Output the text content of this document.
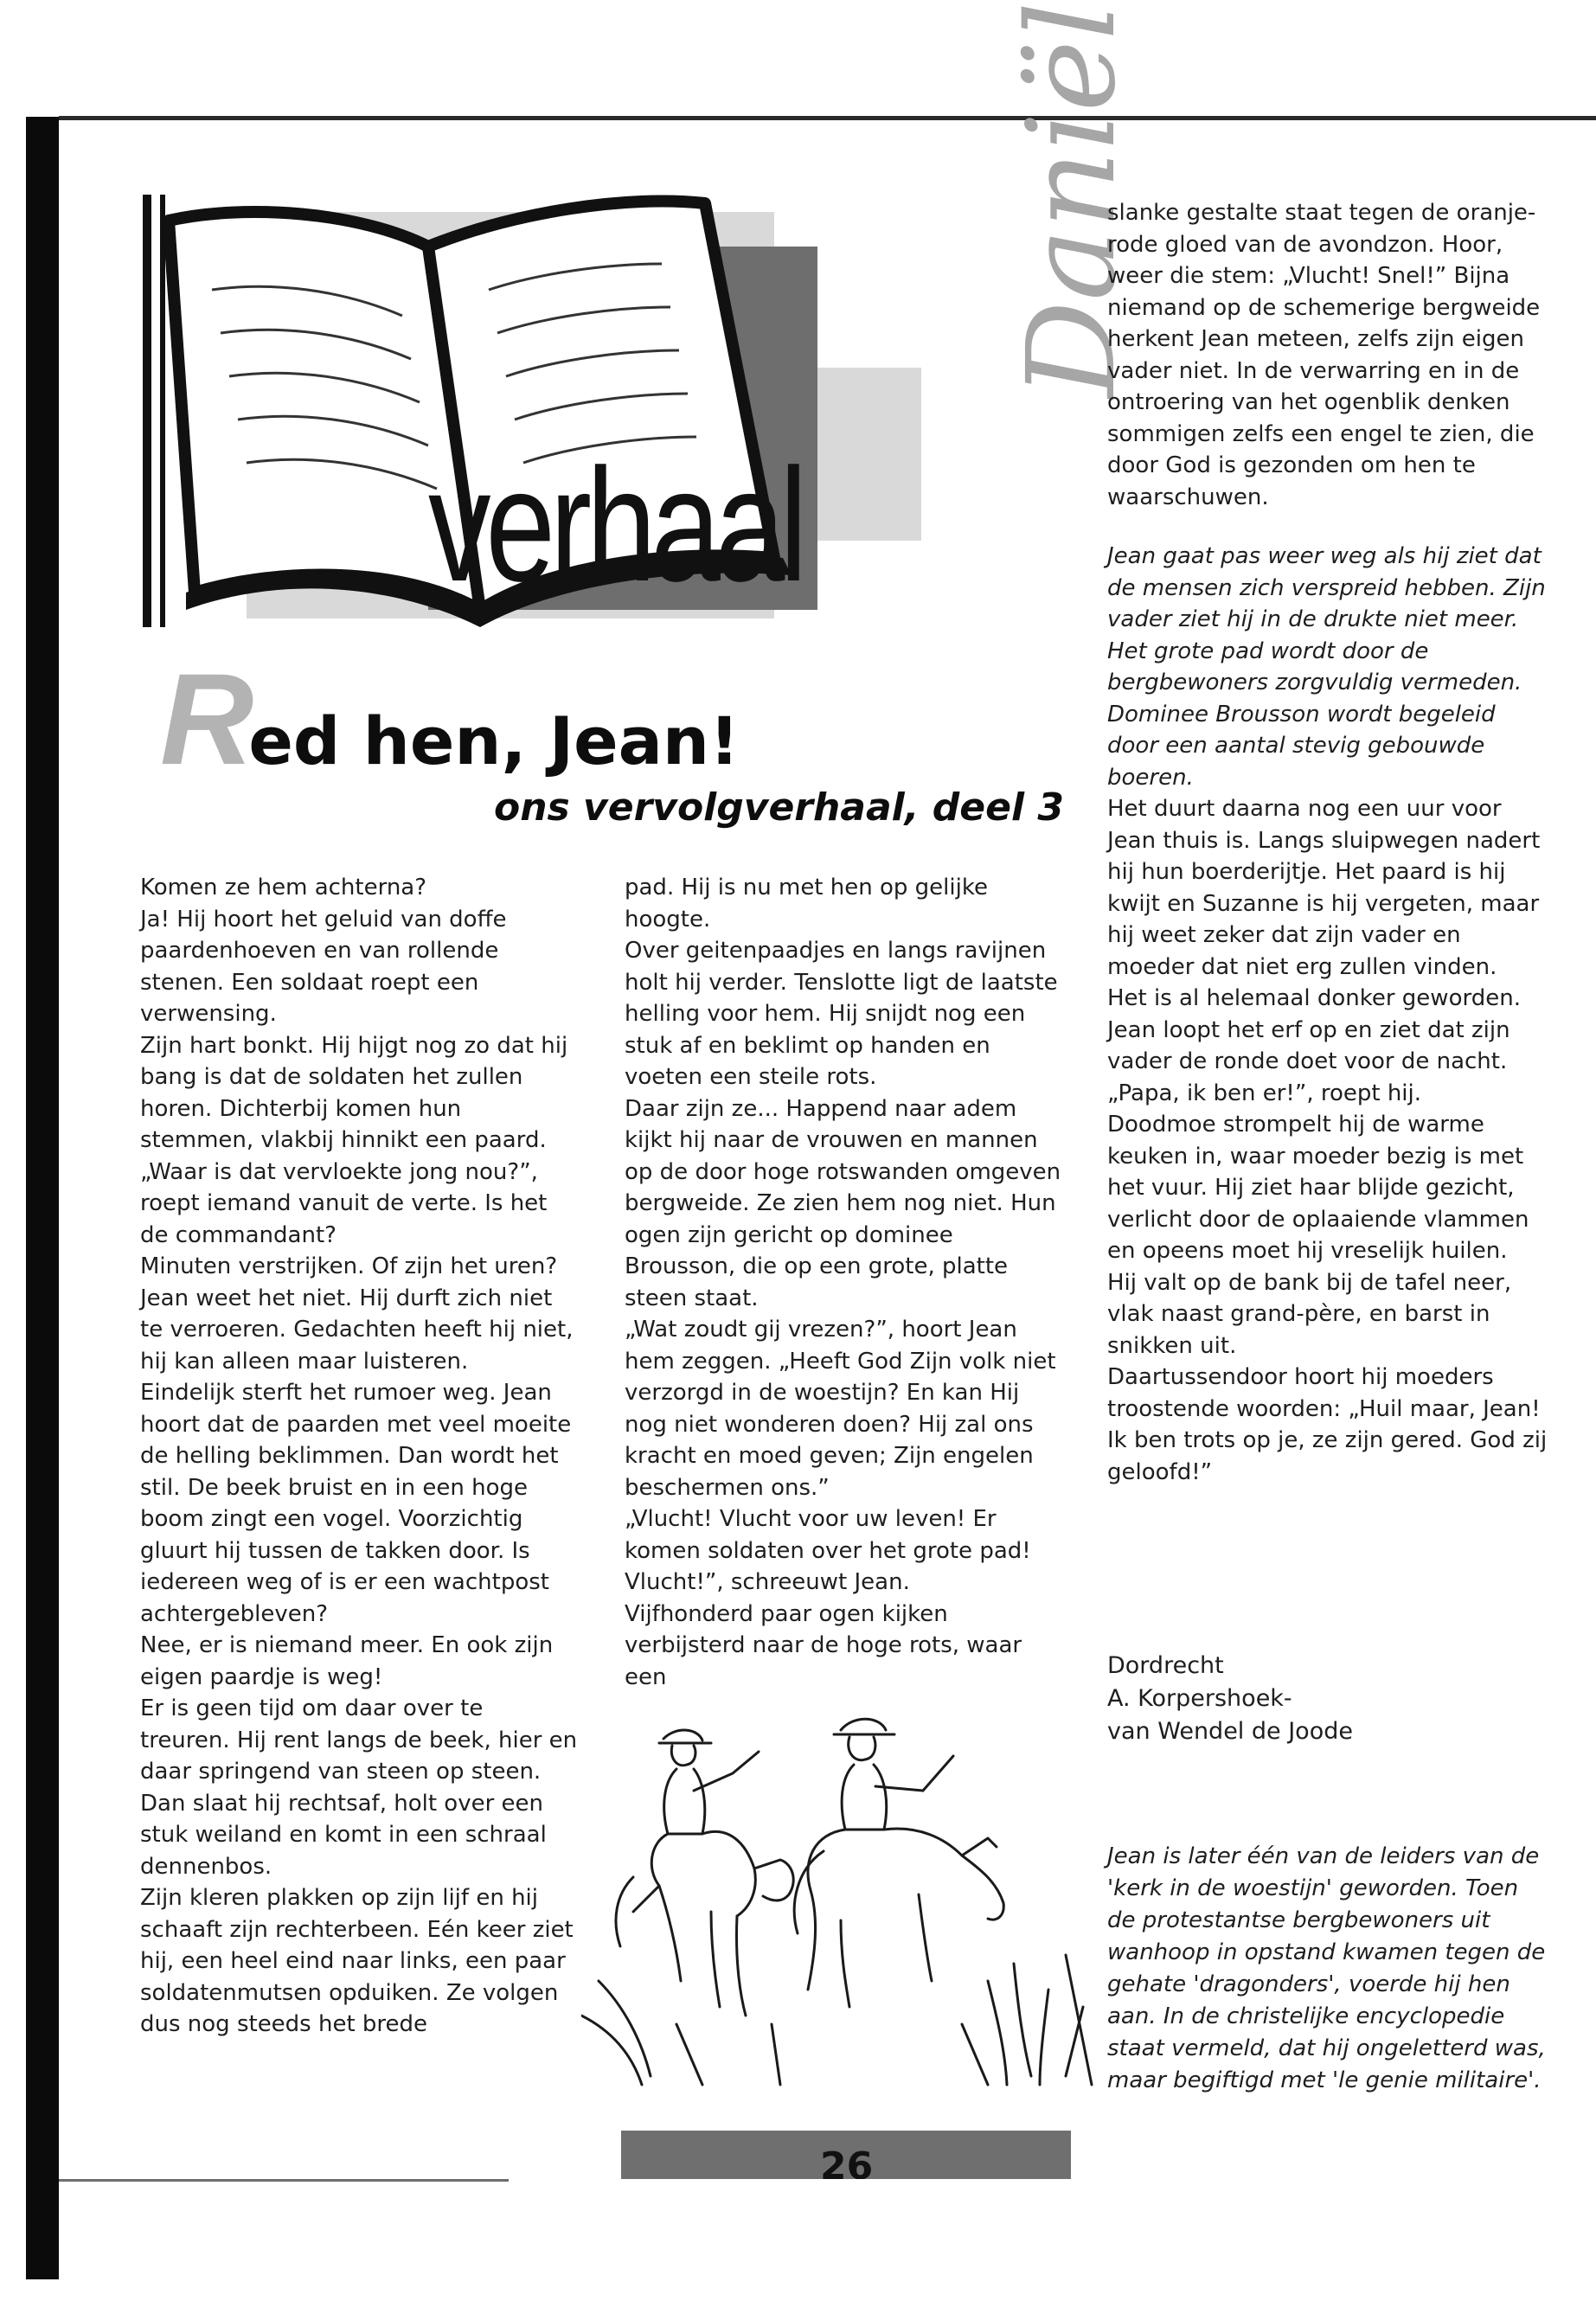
verhaal
Daniël
Red hen, Jean!
ons vervolgverhaal, deel 3

Komen ze hem achterna?

Ja! Hij hoort het geluid van doffe paardenhoeven en van rollende stenen. Een soldaat roept een verwensing.

Zijn hart bonkt. Hij hijgt nog zo dat hij bang is dat de soldaten het zullen horen. Dichterbij komen hun stemmen, vlakbij hinnikt een paard. „Waar is dat vervloekte jong nou?”, roept iemand vanuit de verte. Is het de commandant?

Minuten verstrijken. Of zijn het uren? Jean weet het niet. Hij durft zich niet te verroeren. Gedachten heeft hij niet, hij kan alleen maar luisteren.

Eindelijk sterft het rumoer weg. Jean hoort dat de paarden met veel moeite de helling beklimmen. Dan wordt het stil. De beek bruist en in een hoge boom zingt een vogel. Voorzichtig gluurt hij tussen de takken door. Is iedereen weg of is er een wachtpost achtergebleven?

Nee, er is niemand meer. En ook zijn eigen paardje is weg!

Er is geen tijd om daar over te treuren. Hij rent langs de beek, hier en daar springend van steen op steen. Dan slaat hij rechtsaf, holt over een stuk weiland en komt in een schraal dennenbos.

Zijn kleren plakken op zijn lijf en hij schaaft zijn rechterbeen. Eén keer ziet hij, een heel eind naar links, een paar soldatenmutsen opduiken. Ze volgen dus nog steeds het brede

pad. Hij is nu met hen op gelijke hoogte.

Over geitenpaadjes en langs ravijnen holt hij verder. Tenslotte ligt de laatste helling voor hem. Hij snijdt nog een stuk af en beklimt op handen en voeten een steile rots.

Daar zijn ze... Happend naar adem kijkt hij naar de vrouwen en mannen op de door hoge rotswanden omgeven bergweide. Ze zien hem nog niet. Hun ogen zijn gericht op dominee Brousson, die op een grote, platte steen staat.

„Wat zoudt gij vrezen?”, hoort Jean hem zeggen. „Heeft God Zijn volk niet verzorgd in de woestijn? En kan Hij nog niet wonderen doen? Hij zal ons kracht en moed geven; Zijn engelen beschermen ons.”

„Vlucht! Vlucht voor uw leven! Er komen soldaten over het grote pad! Vlucht!”, schreeuwt Jean.

Vijfhonderd paar ogen kijken verbijsterd naar de hoge rots, waar een

slanke gestalte staat tegen de oranje-rode gloed van de avondzon. Hoor, weer die stem: „Vlucht! Snel!” Bijna niemand op de schemerige bergweide herkent Jean meteen, zelfs zijn eigen vader niet. In de verwarring en in de ontroering van het ogenblik denken sommigen zelfs een engel te zien, die door God is gezonden om hen te waarschuwen.

Jean gaat pas weer weg als hij ziet dat de mensen zich verspreid hebben. Zijn vader ziet hij in de drukte niet meer. Het grote pad wordt door de bergbewoners zorgvuldig vermeden. Dominee Brousson wordt begeleid door een aantal stevig gebouwde boeren.

Het duurt daarna nog een uur voor Jean thuis is. Langs sluipwegen nadert hij hun boerderijtje. Het paard is hij kwijt en Suzanne is hij vergeten, maar hij weet zeker dat zijn vader en moeder dat niet erg zullen vinden.

Het is al helemaal donker geworden. Jean loopt het erf op en ziet dat zijn vader de ronde doet voor de nacht. „Papa, ik ben er!”, roept hij.

Doodmoe strompelt hij de warme keuken in, waar moeder bezig is met het vuur. Hij ziet haar blijde gezicht, verlicht door de oplaaiende vlammen en opeens moet hij vreselijk huilen.

Hij valt op de bank bij de tafel neer, vlak naast grand-père, en barst in snikken uit.

Daartussendoor hoort hij moeders troostende woorden: „Huil maar, Jean! Ik ben trots op je, ze zijn gered. God zij geloofd!”

Dordrecht
A. Korpershoek-
van Wendel de Joode
Jean is later één van de leiders van de 'kerk in de woestijn' geworden. Toen de protestantse bergbewoners uit wanhoop in opstand kwamen tegen de gehate 'dragonders', voerde hij hen aan. In de christelijke encyclopedie staat vermeld, dat hij ongeletterd was, maar begiftigd met 'le genie militaire'.
26
